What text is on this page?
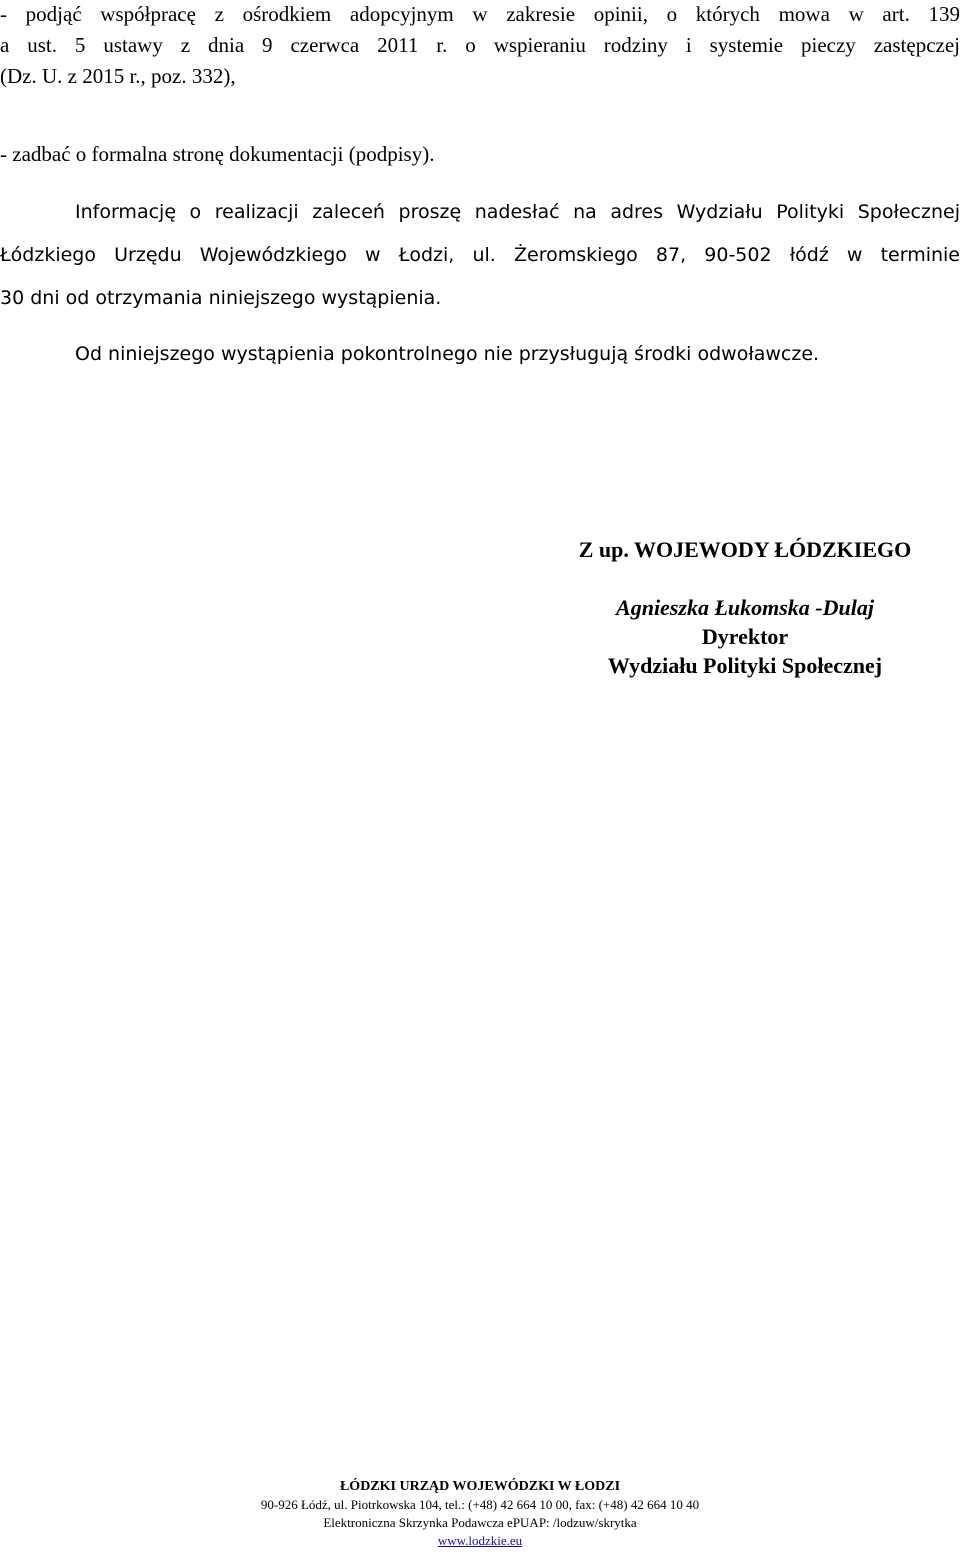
- podjąć współpracę z ośrodkiem adopcyjnym w zakresie opinii, o których mowa w art. 139
a ust. 5 ustawy z dnia 9 czerwca 2011 r. o wspieraniu rodziny i systemie pieczy zastępczej
(Dz. U. z 2015 r., poz. 332),
- zadbać o formalna stronę dokumentacji (podpisy).
Informację o realizacji zaleceń proszę nadesłać na adres Wydziału Polityki Społecznej
Łódzkiego Urzędu Wojewódzkiego w Łodzi, ul. Żeromskiego 87, 90-502 łódź w terminie
30 dni od otrzymania niniejszego wystąpienia.
Od niniejszego wystąpienia pokontrolnego nie przysługują środki odwoławcze.
Z up. WOJEWODY ŁÓDZKIEGO
Agnieszka Łukomska -Dulaj
Dyrektor
Wydziału Polityki Społecznej
ŁÓDZKI URZĄD WOJEWÓDZKI W ŁODZI
90-926 Łódź, ul. Piotrkowska 104, tel.: (+48) 42 664 10 00, fax: (+48) 42 664 10 40
Elektroniczna Skrzynka Podawcza ePUAP: /lodzuw/skrytka
www.lodzkie.eu
